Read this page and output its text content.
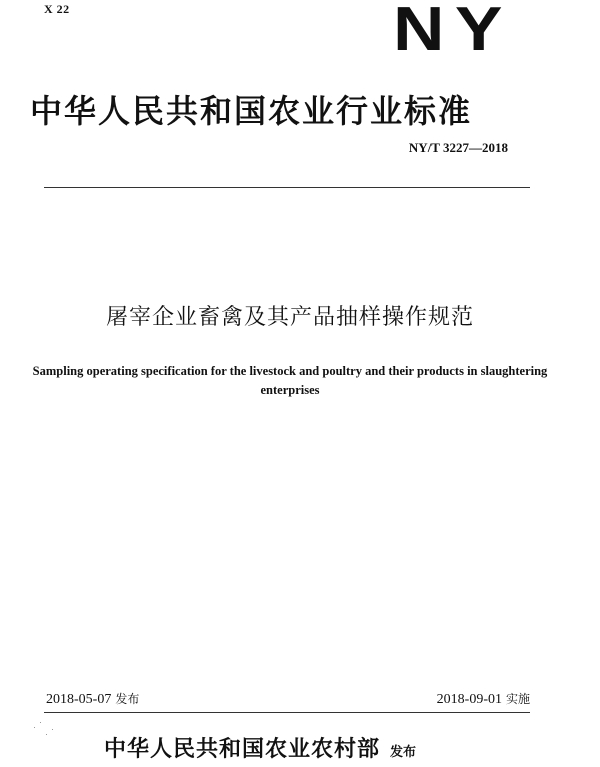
X 22	NY
中华人民共和国农业行业标准
NY/T 3227—2018
屠宰企业畜禽及其产品抽样操作规范
Sampling operating specification for the livestock and poultry and their products in slaughtering enterprises
2018-05-07 发布	2018-09-01 实施
中华人民共和国农业农村部 发布
